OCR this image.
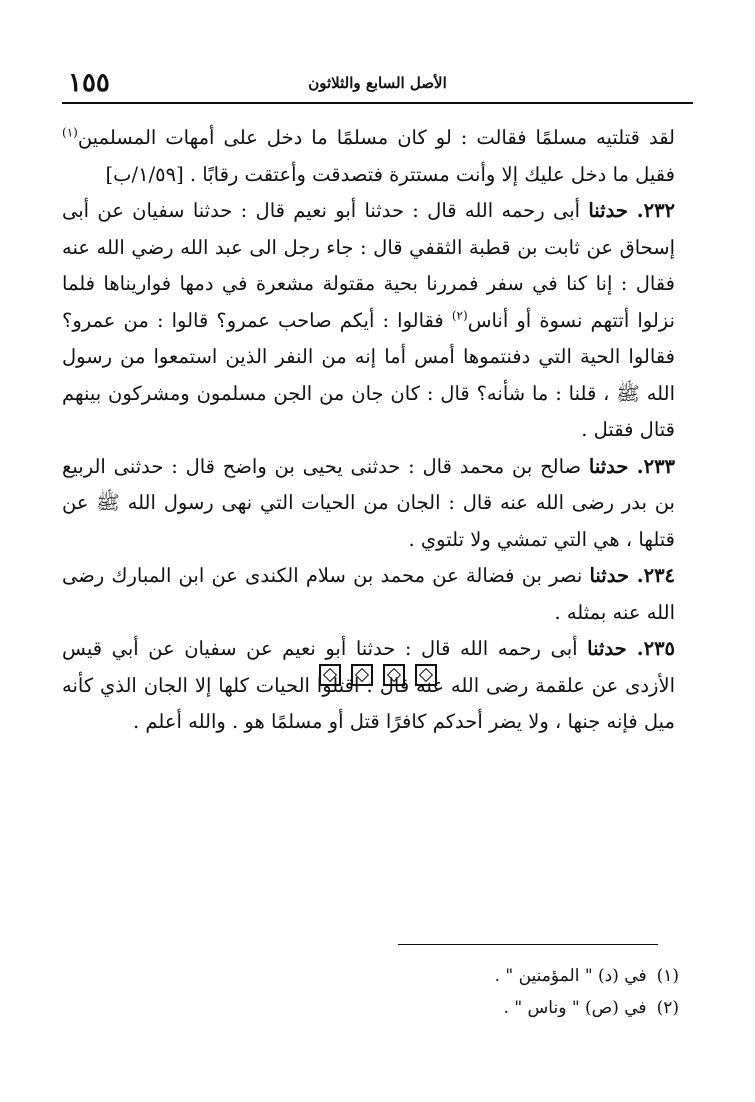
١٥٥	الأصل السابع والثلاثون

لقد قتلتيه مسلمًا فقالت : لو كان مسلمًا ما دخل على أمهات المسلمين$^{(١)}$ فقيل ما دخل عليك إلا وأنت مستترة فتصدقت وأعتقت رقابًا . [١/٥٩/ب]

٢٣٢. حدثنا أبى رحمه الله قال : حدثنا أبو نعيم قال : حدثنا سفيان عن أبى إسحاق عن ثابت بن قطبة الثقفي قال : جاء رجل الى عبد الله رضي الله عنه فقال : إنا كنا في سفر فمررنا بحية مقتولة مشعرة في دمها فواريناها فلما نزلوا أتتهم نسوة أو أناس$^{(٢)}$ فقالوا : أيكم صاحب عمرو؟ قالوا : من عمرو؟ فقالوا الحية التي دفنتموها أمس أما إنه من النفر الذين استمعوا من رسول الله ﷺ ، قلنا : ما شأنه؟ قال : كان جان من الجن مسلمون ومشركون بينهم قتال فقتل .

٢٣٣. حدثنا صالح بن محمد قال : حدثنى يحيى بن واضح قال : حدثنى الربيع بن بدر رضى الله عنه قال : الجان من الحيات التي نهى رسول الله ﷺ عن قتلها ، هي التي تمشي ولا تلتوي .

٢٣٤. حدثنا نصر بن فضالة عن محمد بن سلام الكندى عن ابن المبارك رضى الله عنه بمثله .

٢٣٥. حدثنا أبى رحمه الله قال : حدثنا أبو نعيم عن سفيان عن أبي قيس الأزدى عن علقمة رضى الله عنه قال : اقتلوا الحيات كلها إلا الجان الذي كأنه ميل فإنه جنها ، ولا يضر أحدكم كافرًا قتل أو مسلمًا هو . والله أعلم .

(١)في (د) " المؤمنين " .
(٢)في (ص) " وناس " .
